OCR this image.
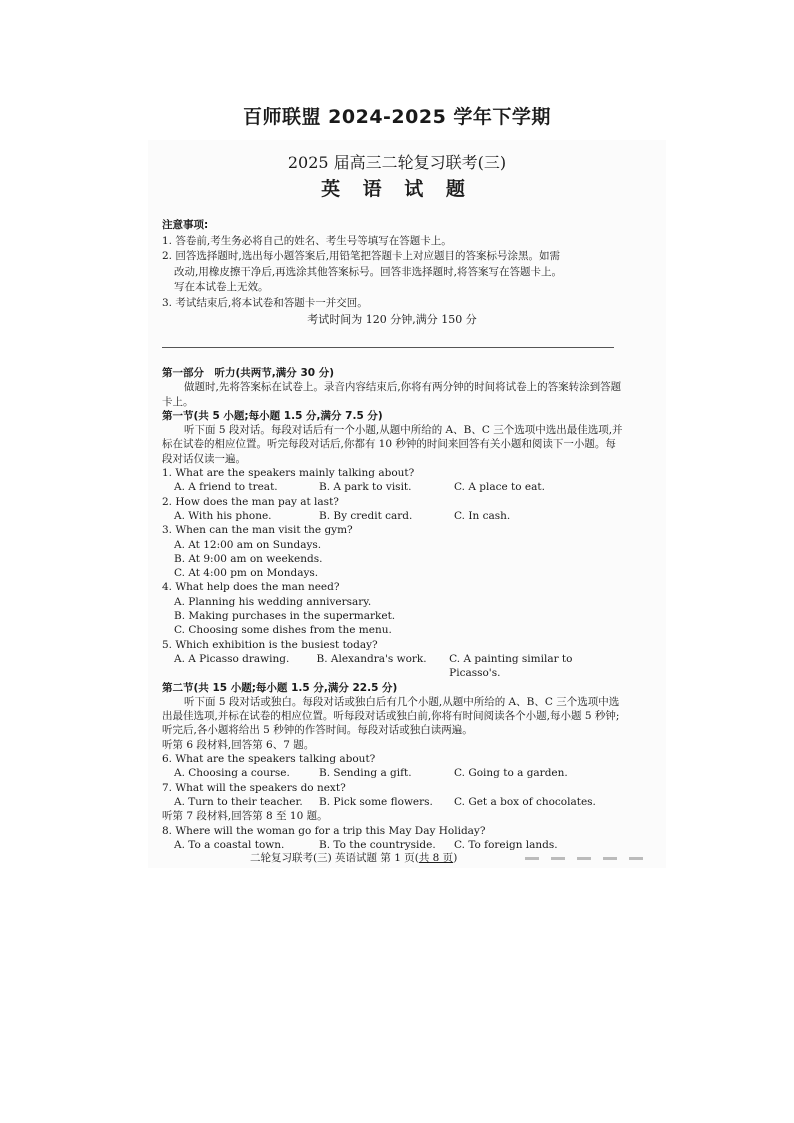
百师联盟 2024-2025 学年下学期
2025 届高三二轮复习联考(三)
英 语 试 题
注意事项:
1. 答卷前,考生务必将自己的姓名、考生号等填写在答题卡上。
2. 回答选择题时,选出每小题答案后,用铅笔把答题卡上对应题目的答案标号涂黑。如需
改动,用橡皮擦干净后,再选涂其他答案标号。回答非选择题时,将答案写在答题卡上。
写在本试卷上无效。
3. 考试结束后,将本试卷和答题卡一并交回。
考试时间为 120 分钟,满分 150 分
第一部分　听力(共两节,满分 30 分)
做题时,先将答案标在试卷上。录音内容结束后,你将有两分钟的时间将试卷上的答案转涂到答题卡上。
第一节(共 5 小题;每小题 1.5 分,满分 7.5 分)
听下面 5 段对话。每段对话后有一个小题,从题中所给的 A、B、C 三个选项中选出最佳选项,并标在试卷的相应位置。听完每段对话后,你都有 10 秒钟的时间来回答有关小题和阅读下一小题。每段对话仅读一遍。
1. What are the speakers mainly talking about?
A. A friend to treat.	B. A park to visit.	C. A place to eat.
2. How does the man pay at last?
A. With his phone.	B. By credit card.	C. In cash.
3. When can the man visit the gym?
A. At 12:00 am on Sundays.
B. At 9:00 am on weekends.
C. At 4:00 pm on Mondays.
4. What help does the man need?
A. Planning his wedding anniversary.
B. Making purchases in the supermarket.
C. Choosing some dishes from the menu.
5. Which exhibition is the busiest today?
A. A Picasso drawing.	B. Alexandra's work.	C. A painting similar to Picasso's.
第二节(共 15 小题;每小题 1.5 分,满分 22.5 分)
听下面 5 段对话或独白。每段对话或独白后有几个小题,从题中所给的 A、B、C 三个选项中选出最佳选项,并标在试卷的相应位置。听每段对话或独白前,你将有时间阅读各个小题,每小题 5 秒钟;听完后,各小题将给出 5 秒钟的作答时间。每段对话或独白读两遍。
听第 6 段材料,回答第 6、7 题。
6. What are the speakers talking about?
A. Choosing a course.	B. Sending a gift.	C. Going to a garden.
7. What will the speakers do next?
A. Turn to their teacher.	B. Pick some flowers.	C. Get a box of chocolates.
听第 7 段材料,回答第 8 至 10 题。
8. Where will the woman go for a trip this May Day Holiday?
A. To a coastal town.	B. To the countryside.	C. To foreign lands.
二轮复习联考(三) 英语试题 第 1 页(共 8 页)
